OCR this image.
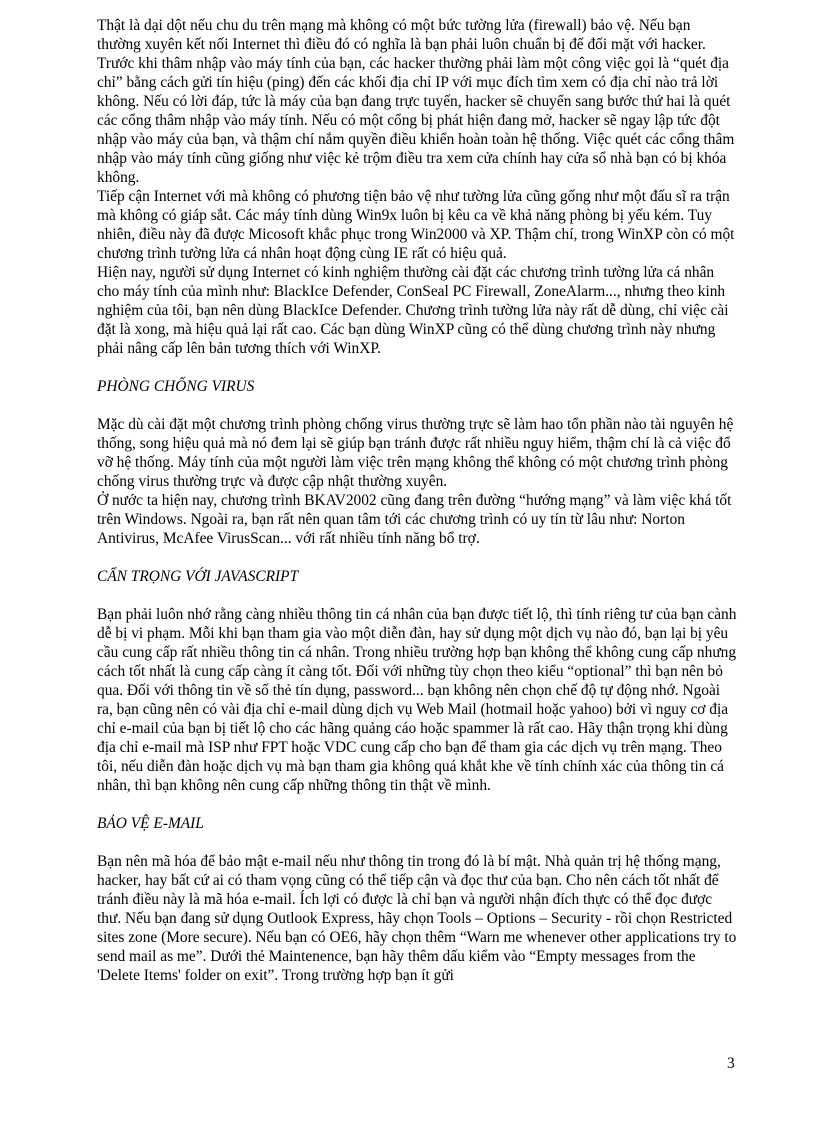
Thật là dại dột nếu chu du trên mạng mà không có một bức tường lửa (firewall) bảo vệ. Nếu bạn thường xuyên kết nối Internet thì điều đó có nghĩa là bạn phải luôn chuẩn bị để đối mặt với hacker.

Trước khi thâm nhập vào máy tính của bạn, các hacker thường phải làm một công việc gọi là “quét địa chỉ” bằng cách gửi tín hiệu (ping) đến các khối địa chỉ IP với mục đích tìm xem có địa chỉ nào trả lời không. Nếu có lời đáp, tức là máy của bạn đang trực tuyến, hacker sẽ chuyển sang bước thứ hai là quét các cổng thâm nhập vào máy tính. Nếu có một cổng bị phát hiện đang mở, hacker sẽ ngay lập tức đột nhập vào máy của bạn, và thậm chí nắm quyền điều khiển hoàn toàn hệ thống. Việc quét các cổng thâm nhập vào máy tính cũng giống như việc kẻ trộm điều tra xem cửa chính hay cửa sổ nhà bạn có bị khóa không.

Tiếp cận Internet với mà không có phương tiện bảo vệ như tường lửa cũng gống như một đấu sĩ ra trận mà không có giáp sắt. Các máy tính dùng Win9x luôn bị kêu ca về khả năng phòng bị yếu kém. Tuy nhiên, điều này đã được Micosoft khắc phục trong Win2000 và XP. Thậm chí, trong WinXP còn có một chương trình tường lửa cá nhân hoạt động cùng IE rất có hiệu quả.

Hiện nay, người sử dụng Internet có kinh nghiệm thường cài đặt các chương trình tường lửa cá nhân cho máy tính của mình như: BlackIce Defender, ConSeal PC Firewall, ZoneAlarm..., nhưng theo kinh nghiệm của tôi, bạn nên dùng BlackIce Defender. Chương trình tường lửa này rất dễ dùng, chỉ việc cài đặt là xong, mà hiệu quả lại rất cao. Các bạn dùng WinXP cũng có thể dùng chương trình này nhưng phải nâng cấp lên bản tương thích với WinXP.

PHÒNG CHỐNG VIRUS

Mặc dù cài đặt một chương trình phòng chống virus thường trực sẽ làm hao tổn phần nào tài nguyên hệ thống, song hiệu quả mà nó đem lại sẽ giúp bạn tránh được rất nhiều nguy hiểm, thậm chí là cả việc đổ vỡ hệ thống. Máy tính của một người làm việc trên mạng không thể không có một chương trình phòng chống virus thường trực và được cập nhật thường xuyên.

Ở nước ta hiện nay, chương trình BKAV2002 cũng đang trên đường “hướng mạng” và làm việc khá tốt trên Windows. Ngoài ra, bạn rất nên quan tâm tới các chương trình có uy tín từ lâu như: Norton Antivirus, McAfee VirusScan... với rất nhiều tính năng bổ trợ.

CẨN TRỌNG VỚI JAVASCRIPT

Bạn phải luôn nhớ rằng càng nhiều thông tin cá nhân của bạn được tiết lộ, thì tính riêng tư của bạn cành dễ bị vi phạm. Mỗi khi bạn tham gia vào một diễn đàn, hay sử dụng một dịch vụ nào đó, bạn lại bị yêu cầu cung cấp rất nhiều thông tin cá nhân. Trong nhiều trường hợp bạn không thể không cung cấp nhưng cách tốt nhất là cung cấp càng ít càng tốt. Đối với những tùy chọn theo kiểu “optional” thì bạn nên bỏ qua. Đối với thông tin về số thẻ tín dụng, password... bạn không nên chọn chế độ tự động nhớ. Ngoài ra, bạn cũng nên có vài địa chỉ e-mail dùng dịch vụ Web Mail (hotmail hoặc yahoo) bởi vì nguy cơ địa chỉ e-mail của bạn bị tiết lộ cho các hãng quảng cáo hoặc spammer là rất cao. Hãy thận trọng khi dùng địa chỉ e-mail mà ISP như FPT hoặc VDC cung cấp cho bạn để tham gia các dịch vụ trên mạng. Theo tôi, nếu diễn đàn hoặc dịch vụ mà bạn tham gia không quá khắt khe về tính chính xác của thông tin cá nhân, thì bạn không nên cung cấp những thông tin thật về mình.

BẢO VỆ E-MAIL

Bạn nên mã hóa để bảo mật e-mail nếu như thông tin trong đó là bí mật. Nhà quản trị hệ thống mạng, hacker, hay bất cứ ai có tham vọng cũng có thể tiếp cận và đọc thư của bạn. Cho nên cách tốt nhất để tránh điều này là mã hóa e-mail. Ích lợi có được là chỉ bạn và người nhận đích thực có thể đọc được thư. Nếu bạn đang sử dụng Outlook Express, hãy chọn Tools – Options – Security - rồi chọn Restricted sites zone (More secure). Nếu bạn có OE6, hãy chọn thêm “Warn me whenever other applications try to send mail as me”. Dưới thẻ Maintenence, bạn hãy thêm dấu kiểm vào “Empty messages from the 'Delete Items' folder on exit”. Trong trường hợp bạn ít gửi

3
